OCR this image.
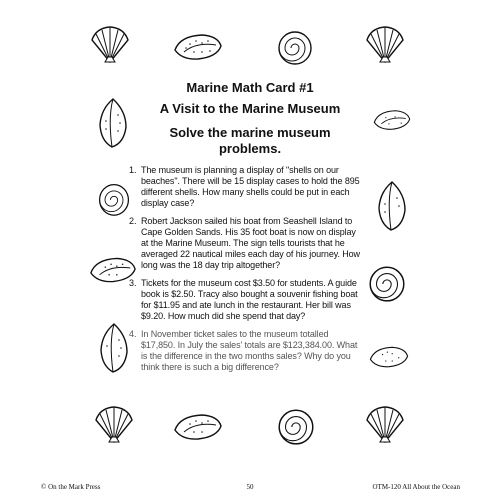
Marine Math Card #1
A Visit to the Marine Museum
Solve the marine museum problems.
1. The museum is planning a display of "shells on our beaches". There will be 15 display cases to hold the 895 different shells. How many shells could be put in each display case?
2. Robert Jackson sailed his boat from Seashell Island to Cape Golden Sands. His 35 foot boat is now on display at the Marine Museum. The sign tells tourists that he averaged 22 nautical miles each day of his journey. How long was the 18 day trip altogether?
3. Tickets for the museum cost $3.50 for students. A guide book is $2.50. Tracy also bought a souvenir fishing boat for $11.95 and ate lunch in the restaurant. Her bill was $9.20. How much did she spend that day?
4. In November ticket sales to the museum totalled $17,850. In July the sales' totals are $123,384.00. What is the difference in the two months sales? Why do you think there is such a big difference?
© On the Mark Press	50	OTM-120 All About the Ocean
